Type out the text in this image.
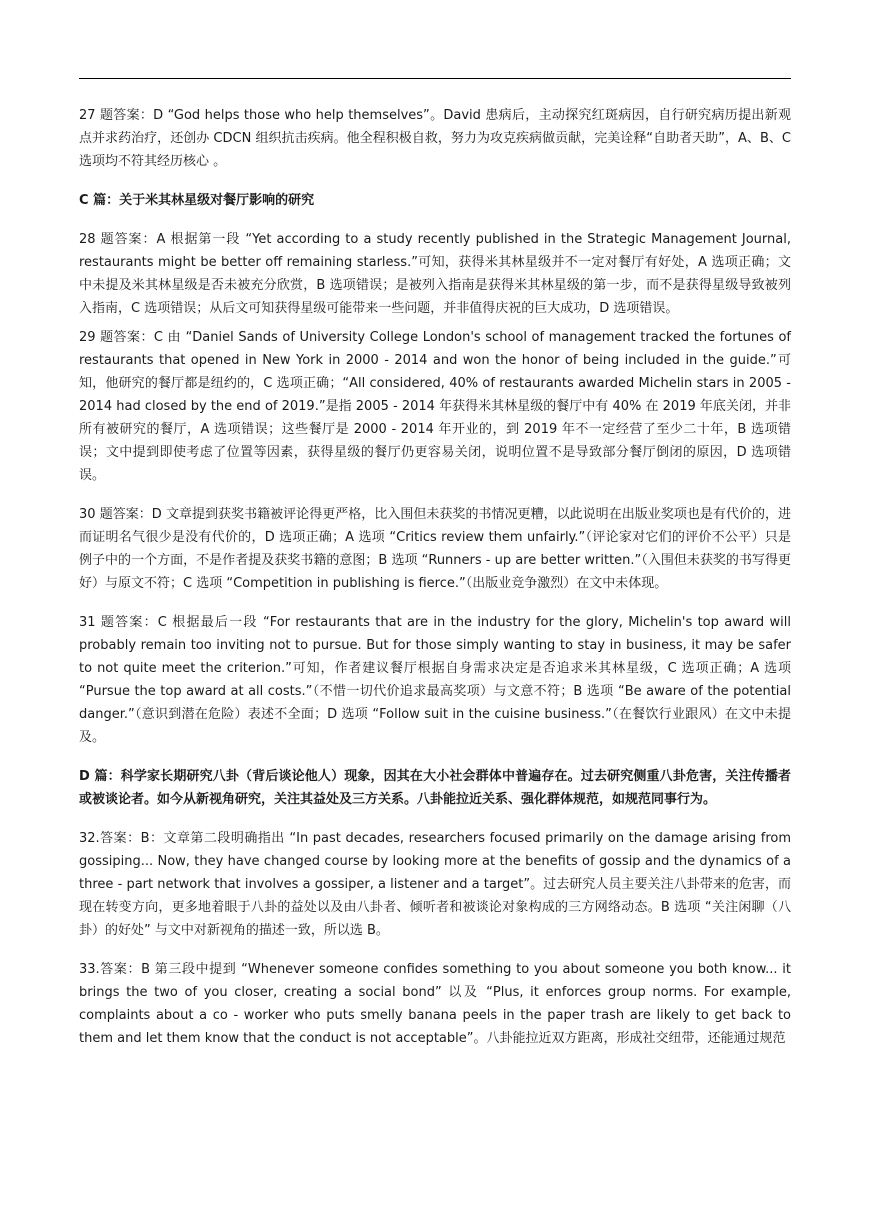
27 题答案：D “God helps those who help themselves”。David 患病后，主动探究红斑病因，自行研究病历提出新观点并求药治疗，还创办 CDCN 组织抗击疾病。他全程积极自救，努力为攻克疾病做贡献，完美诠释“自助者天助”，A、B、C 选项均不符其经历核心 。

C 篇：关于米其林星级对餐厅影响的研究

28 题答案：A 根据第一段 “Yet according to a study recently published in the Strategic Management Journal, restaurants might be better off remaining starless.”可知，获得米其林星级并不一定对餐厅有好处，A 选项正确；文中未提及米其林星级是否未被充分欣赏，B 选项错误；是被列入指南是获得米其林星级的第一步，而不是获得星级导致被列入指南，C 选项错误；从后文可知获得星级可能带来一些问题，并非值得庆祝的巨大成功，D 选项错误。

29 题答案：C 由 “Daniel Sands of University College London's school of management tracked the fortunes of restaurants that opened in New York in 2000 - 2014 and won the honor of being included in the guide.”可知，他研究的餐厅都是纽约的，C 选项正确；“All considered, 40% of restaurants awarded Michelin stars in 2005 - 2014 had closed by the end of 2019.”是指 2005 - 2014 年获得米其林星级的餐厅中有 40% 在 2019 年底关闭，并非所有被研究的餐厅，A 选项错误；这些餐厅是 2000 - 2014 年开业的，到 2019 年不一定经营了至少二十年，B 选项错误；文中提到即使考虑了位置等因素，获得星级的餐厅仍更容易关闭，说明位置不是导致部分餐厅倒闭的原因，D 选项错误。

30 题答案：D 文章提到获奖书籍被评论得更严格，比入围但未获奖的书情况更糟，以此说明在出版业奖项也是有代价的，进而证明名气很少是没有代价的，D 选项正确；A 选项 “Critics review them unfairly.”（评论家对它们的评价不公平）只是例子中的一个方面，不是作者提及获奖书籍的意图；B 选项 “Runners - up are better written.”（入围但未获奖的书写得更好）与原文不符；C 选项 “Competition in publishing is fierce.”（出版业竞争激烈）在文中未体现。

31 题答案：C 根据最后一段 “For restaurants that are in the industry for the glory, Michelin's top award will probably remain too inviting not to pursue. But for those simply wanting to stay in business, it may be safer to not quite meet the criterion.”可知，作者建议餐厅根据自身需求决定是否追求米其林星级，C 选项正确；A 选项 “Pursue the top award at all costs.”（不惜一切代价追求最高奖项）与文意不符；B 选项 “Be aware of the potential danger.”（意识到潜在危险）表述不全面；D 选项 “Follow suit in the cuisine business.”（在餐饮行业跟风）在文中未提及。

D 篇：科学家长期研究八卦（背后谈论他人）现象，因其在大小社会群体中普遍存在。过去研究侧重八卦危害，关注传播者或被谈论者。如今从新视角研究，关注其益处及三方关系。八卦能拉近关系、强化群体规范，如规范同事行为。

32.答案：B：文章第二段明确指出 “In past decades, researchers focused primarily on the damage arising from gossiping... Now, they have changed course by looking more at the benefits of gossip and the dynamics of a three - part network that involves a gossiper, a listener and a target”。过去研究人员主要关注八卦带来的危害，而现在转变方向，更多地着眼于八卦的益处以及由八卦者、倾听者和被谈论对象构成的三方网络动态。B 选项 “关注闲聊（八卦）的好处” 与文中对新视角的描述一致，所以选 B。

33.答案：B 第三段中提到 “Whenever someone confides something to you about someone you both know... it brings the two of you closer, creating a social bond” 以及 “Plus, it enforces group norms. For example, complaints about a co - worker who puts smelly banana peels in the paper trash are likely to get back to them and let them know that the conduct is not acceptable”。八卦能拉近双方距离，形成社交纽带，还能通过规范
